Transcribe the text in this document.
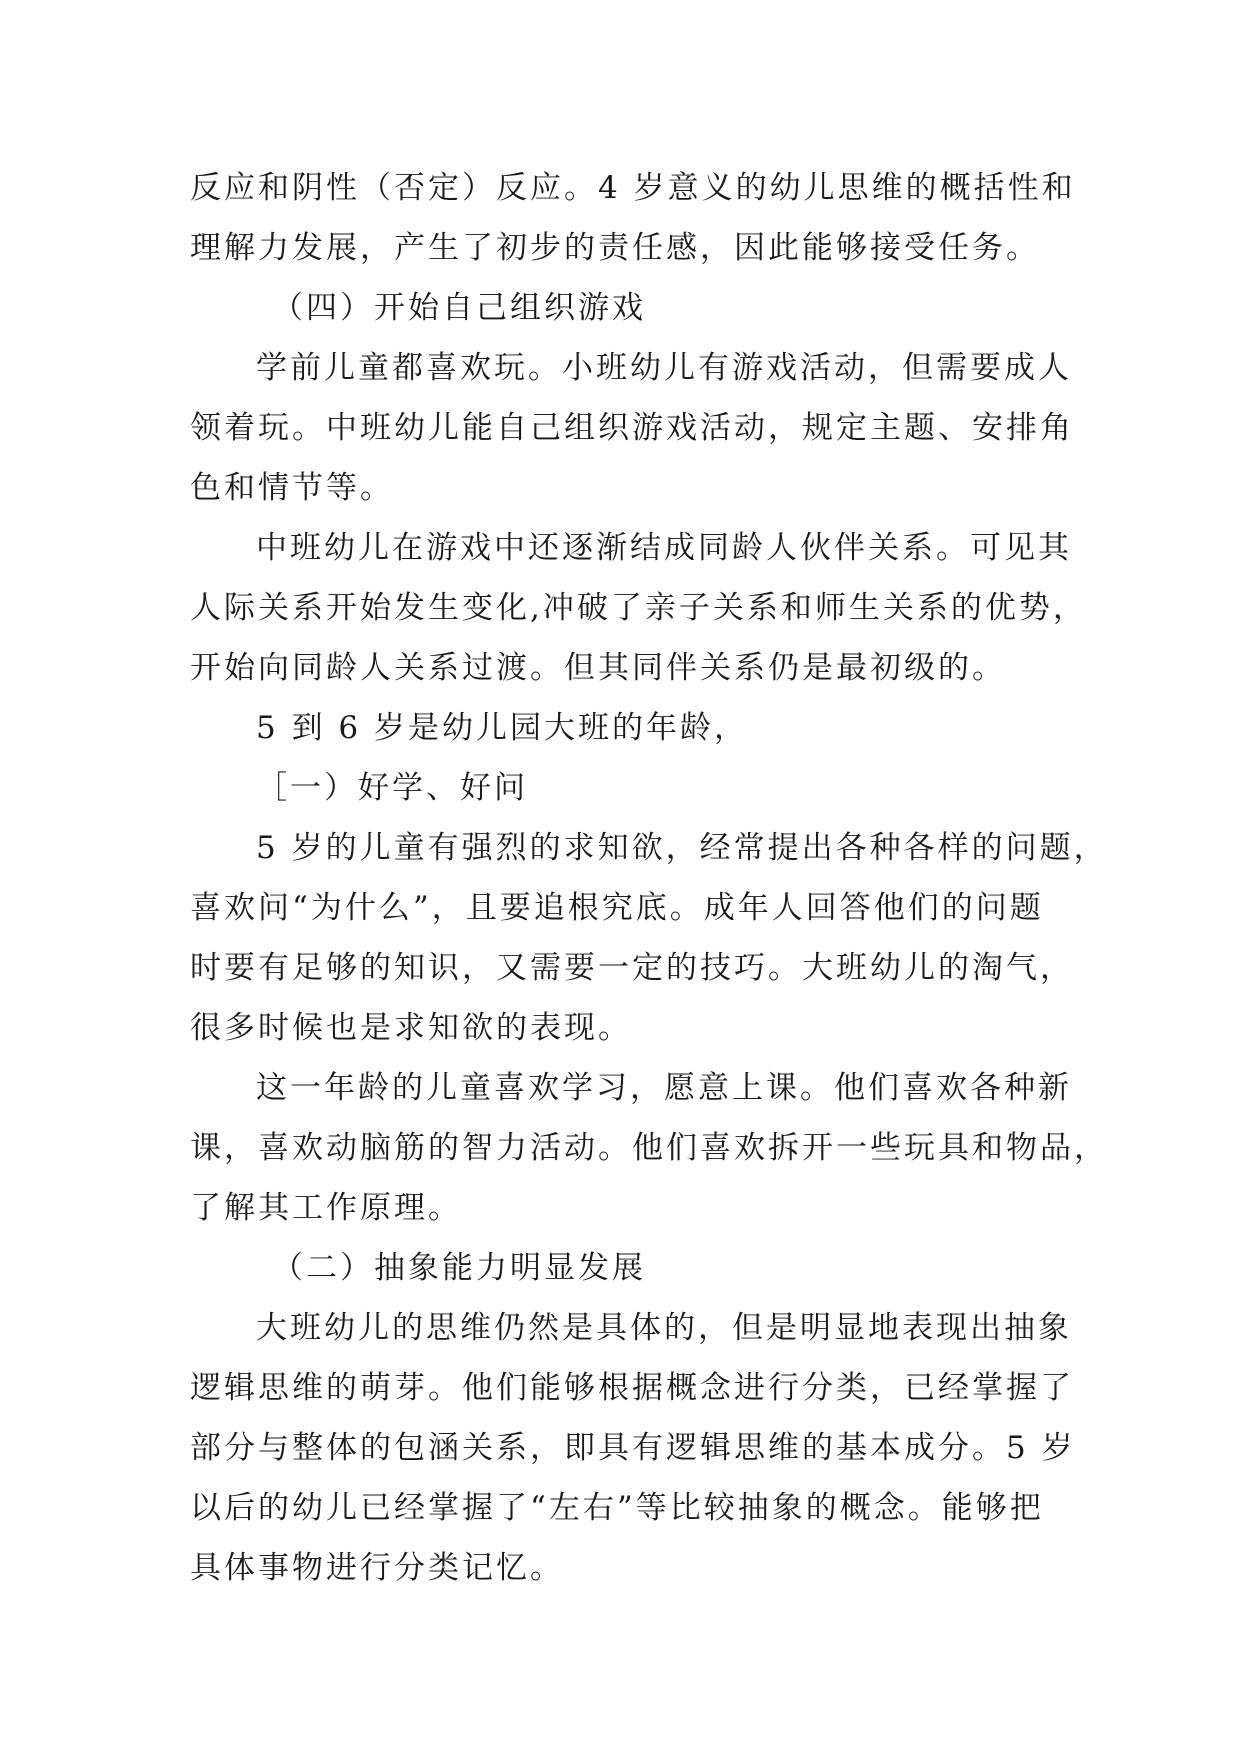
反应和阴性（否定）反应。4 岁意义的幼儿思维的概括性和
理解力发展，产生了初步的责任感，因此能够接受任务。
（四）开始自己组织游戏
学前儿童都喜欢玩。小班幼儿有游戏活动，但需要成人
领着玩。中班幼儿能自己组织游戏活动，规定主题、安排角
色和情节等。
中班幼儿在游戏中还逐渐结成同龄人伙伴关系。可见其
人际关系开始发生变化,冲破了亲子关系和师生关系的优势，
开始向同龄人关系过渡。但其同伴关系仍是最初级的。
5 到 6 岁是幼儿园大班的年龄，
［一）好学、好问
5 岁的儿童有强烈的求知欲，经常提出各种各样的问题，
喜欢问“为什么”，且要追根究底。成年人回答他们的问题
时要有足够的知识，又需要一定的技巧。大班幼儿的淘气，
很多时候也是求知欲的表现。
这一年龄的儿童喜欢学习，愿意上课。他们喜欢各种新
课，喜欢动脑筋的智力活动。他们喜欢拆开一些玩具和物品，
了解其工作原理。
（二）抽象能力明显发展
大班幼儿的思维仍然是具体的，但是明显地表现出抽象
逻辑思维的萌芽。他们能够根据概念进行分类，已经掌握了
部分与整体的包涵关系，即具有逻辑思维的基本成分。5 岁
以后的幼儿已经掌握了“左右”等比较抽象的概念。能够把
具体事物进行分类记忆。
